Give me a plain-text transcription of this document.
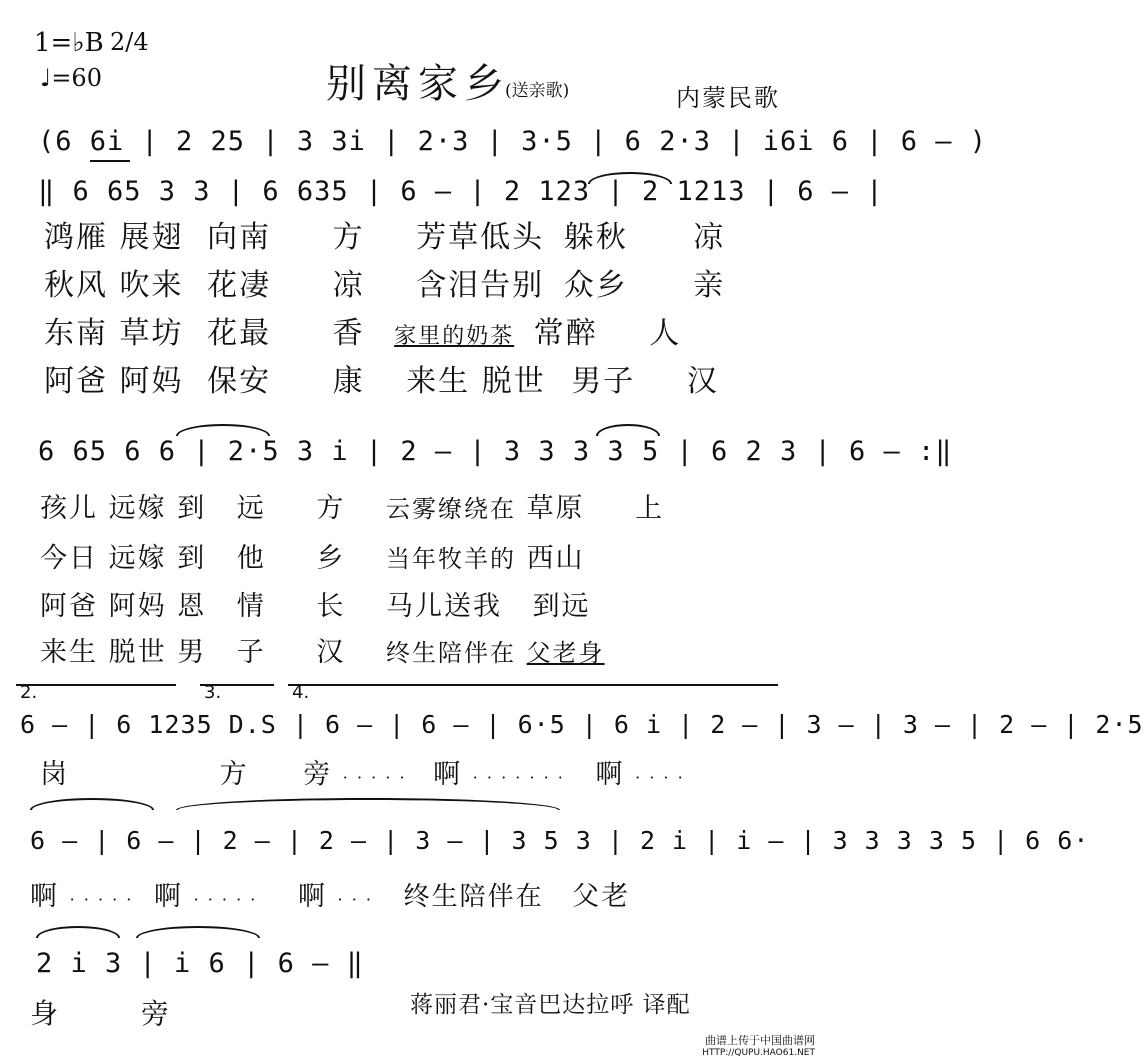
1=♭B 2/4
♩=60	别离家乡
(送亲歌)	内蒙民歌
(6 6i | 2 25 | 3 3i | 2·3 | 3·5 | 6 2·3 | i6i 6 | 6 — )
‖ 6 65 3 3 | 6 635 | 6 — | 2 123 | 2 1213 | 6 — |
鸿雁 展翅 向南 方 芳草低头 躲秋 凉
秋风 吹来 花凄 凉 含泪告别 众乡 亲
东南 草坊 花最 香 家里的奶茶 常醉 人
阿爸 阿妈 保安 康 来生 脱世 男子 汉
6 65 6 6 | 2·5 3 i | 2 — | 3 3 3 3 5 | 6 2 3 | 6 — :‖
孩儿 远嫁 到 远 方 云雾缭绕在 草原 上
今日 远嫁 到 他 乡 当年牧羊的 西山
阿爸 阿妈 恩 情 长 马儿送我 到远
来生 脱世 男 子 汉 终生陪伴在 父老身
2.	3.	4.
6 — | 6 1235 D.S | 6 — | 6 — | 6·5 | 6 i | 2 — | 3 — | 3 — | 2 — | 2·5
岗	方 旁 · · · · · 啊 · · · · · · · 啊 · · · ·
6 — | 6 — | 2 — | 2 — | 3 — | 3 5 3 | 2 i | i — | 3 3 3 3 5 | 6 6·
啊 · · · · · 啊 · · · · · 啊 · · · 终生陪伴在 父老
2 i 3 | i 6 | 6 — ‖
身	旁	蒋丽君·宝音巴达拉呼 译配
曲谱上传于中国曲谱网
HTTP://QUPU.HAO61.NET
